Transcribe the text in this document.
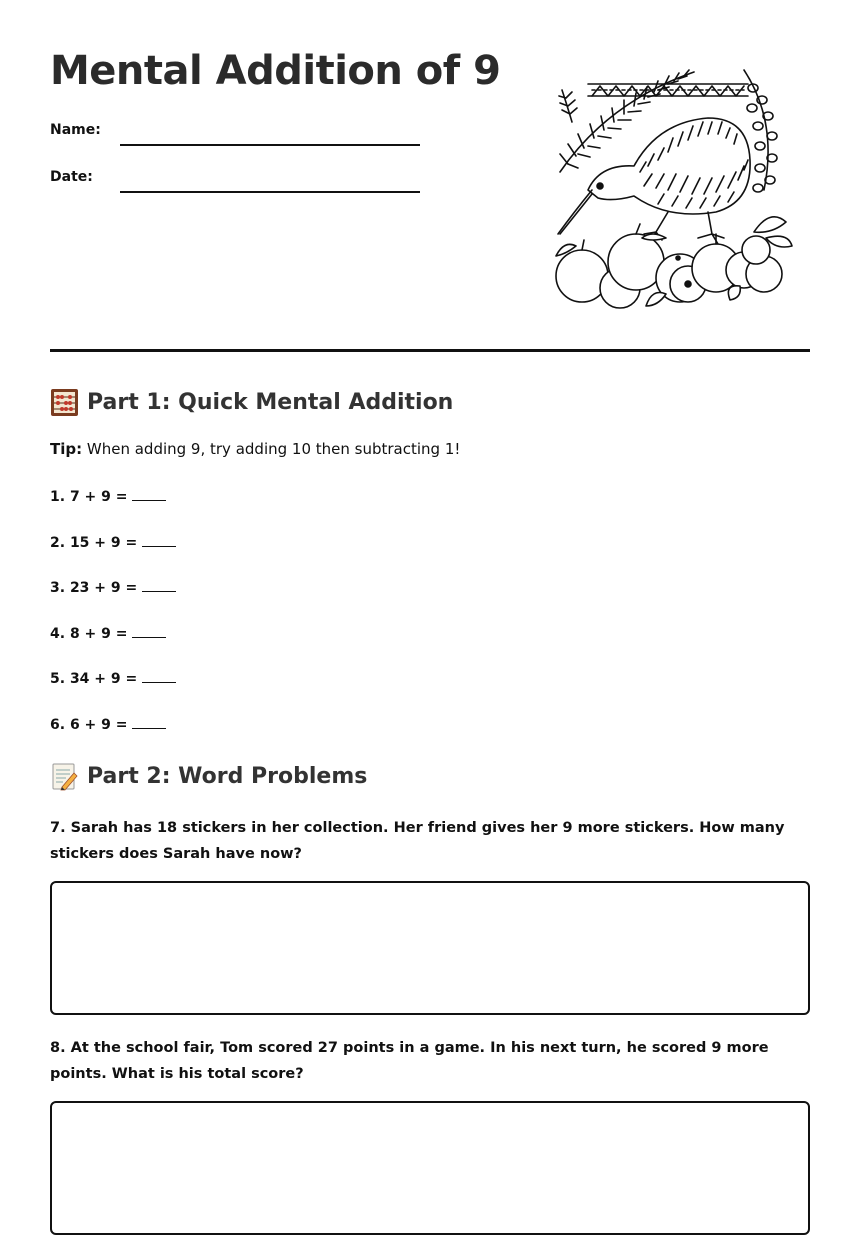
Mental Addition of 9
Name:
Date:
Part 1: Quick Mental Addition
Tip: When adding 9, try adding 10 then subtracting 1!
1. 7 + 9 =
2. 15 + 9 =
3. 23 + 9 =
4. 8 + 9 =
5. 34 + 9 =
6. 6 + 9 =
Part 2: Word Problems
7. Sarah has 18 stickers in her collection. Her friend gives her 9 more stickers. How many stickers does Sarah have now?
8. At the school fair, Tom scored 27 points in a game. In his next turn, he scored 9 more points. What is his total score?
